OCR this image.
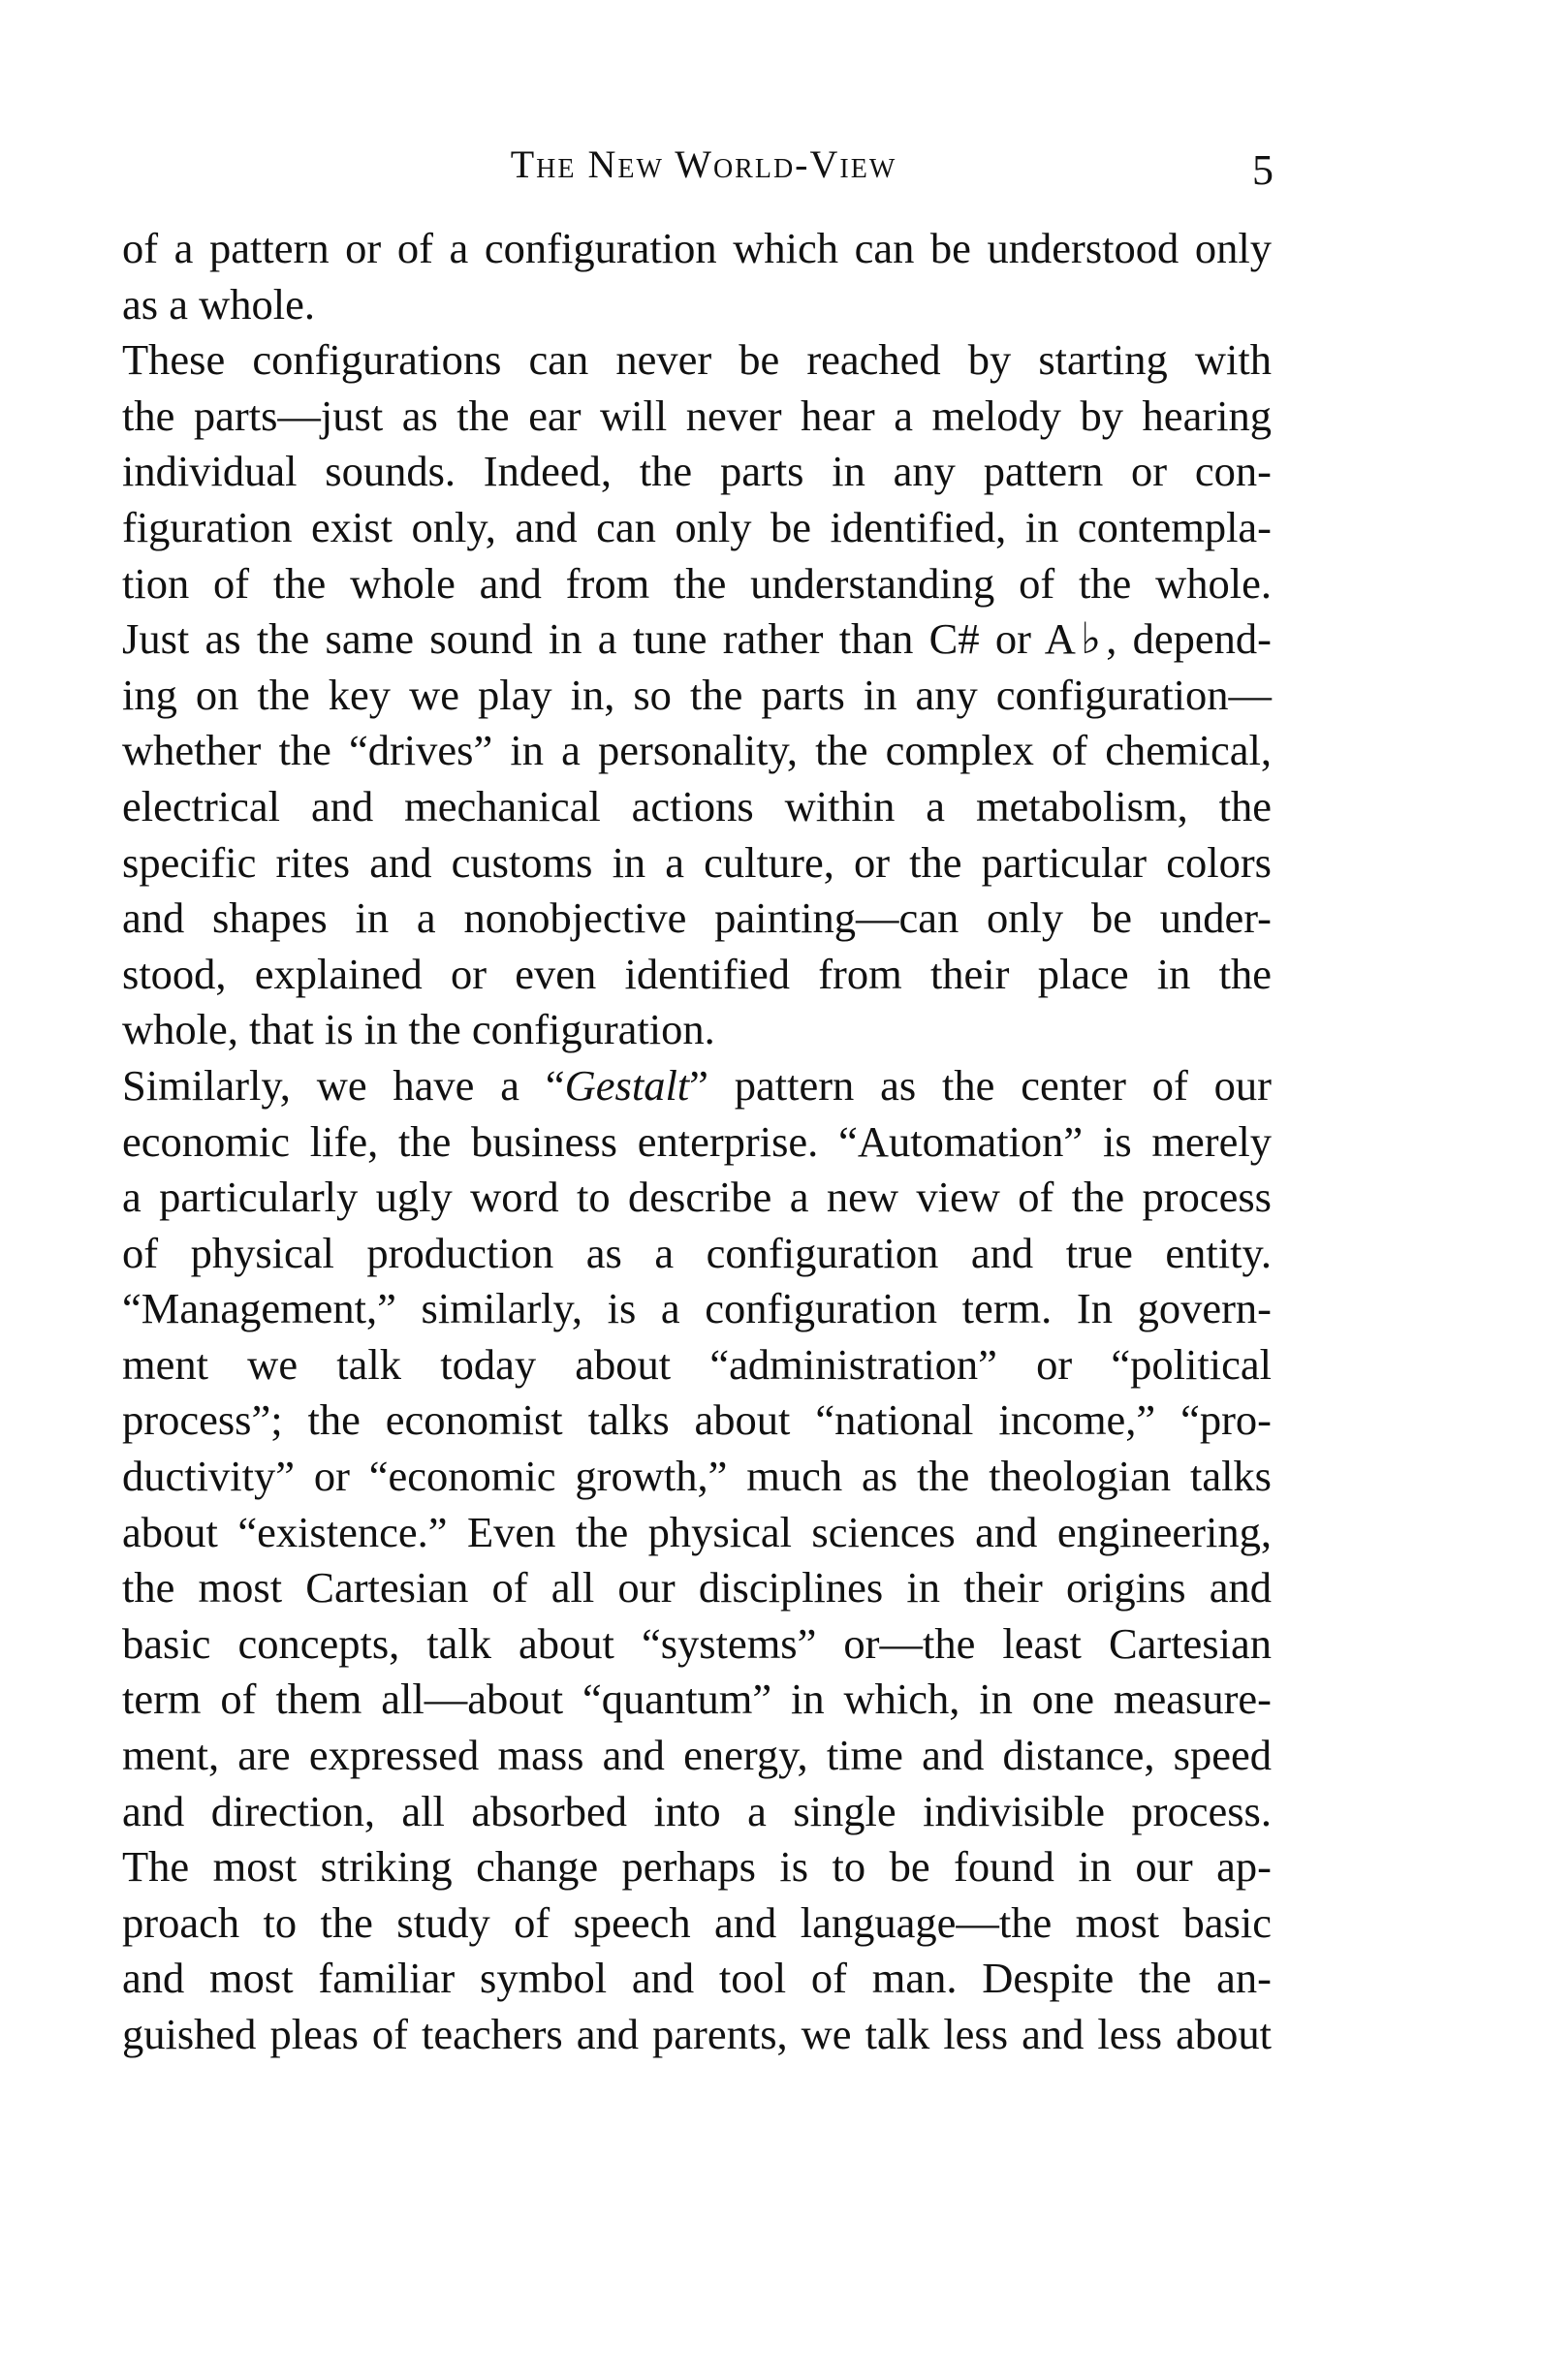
The New World-View	5
of a pattern or of a configuration which can be understood only
as a whole.
These configurations can never be reached by starting with
the parts—just as the ear will never hear a melody by hearing
individual sounds. Indeed, the parts in any pattern or con-
figuration exist only, and can only be identified, in contempla-
tion of the whole and from the understanding of the whole.
Just as the same sound in a tune rather than C# or A♭, depend-
ing on the key we play in, so the parts in any configuration—
whether the “drives” in a personality, the complex of chemical,
electrical and mechanical actions within a metabolism, the
specific rites and customs in a culture, or the particular colors
and shapes in a nonobjective painting—can only be under-
stood, explained or even identified from their place in the
whole, that is in the configuration.
Similarly, we have a “Gestalt” pattern as the center of our
economic life, the business enterprise. “Automation” is merely
a particularly ugly word to describe a new view of the process
of physical production as a configuration and true entity.
“Management,” similarly, is a configuration term. In govern-
ment we talk today about “administration” or “political
process”; the economist talks about “national income,” “pro-
ductivity” or “economic growth,” much as the theologian talks
about “existence.” Even the physical sciences and engineering,
the most Cartesian of all our disciplines in their origins and
basic concepts, talk about “systems” or—the least Cartesian
term of them all—about “quantum” in which, in one measure-
ment, are expressed mass and energy, time and distance, speed
and direction, all absorbed into a single indivisible process.
The most striking change perhaps is to be found in our ap-
proach to the study of speech and language—the most basic
and most familiar symbol and tool of man. Despite the an-
guished pleas of teachers and parents, we talk less and less about
